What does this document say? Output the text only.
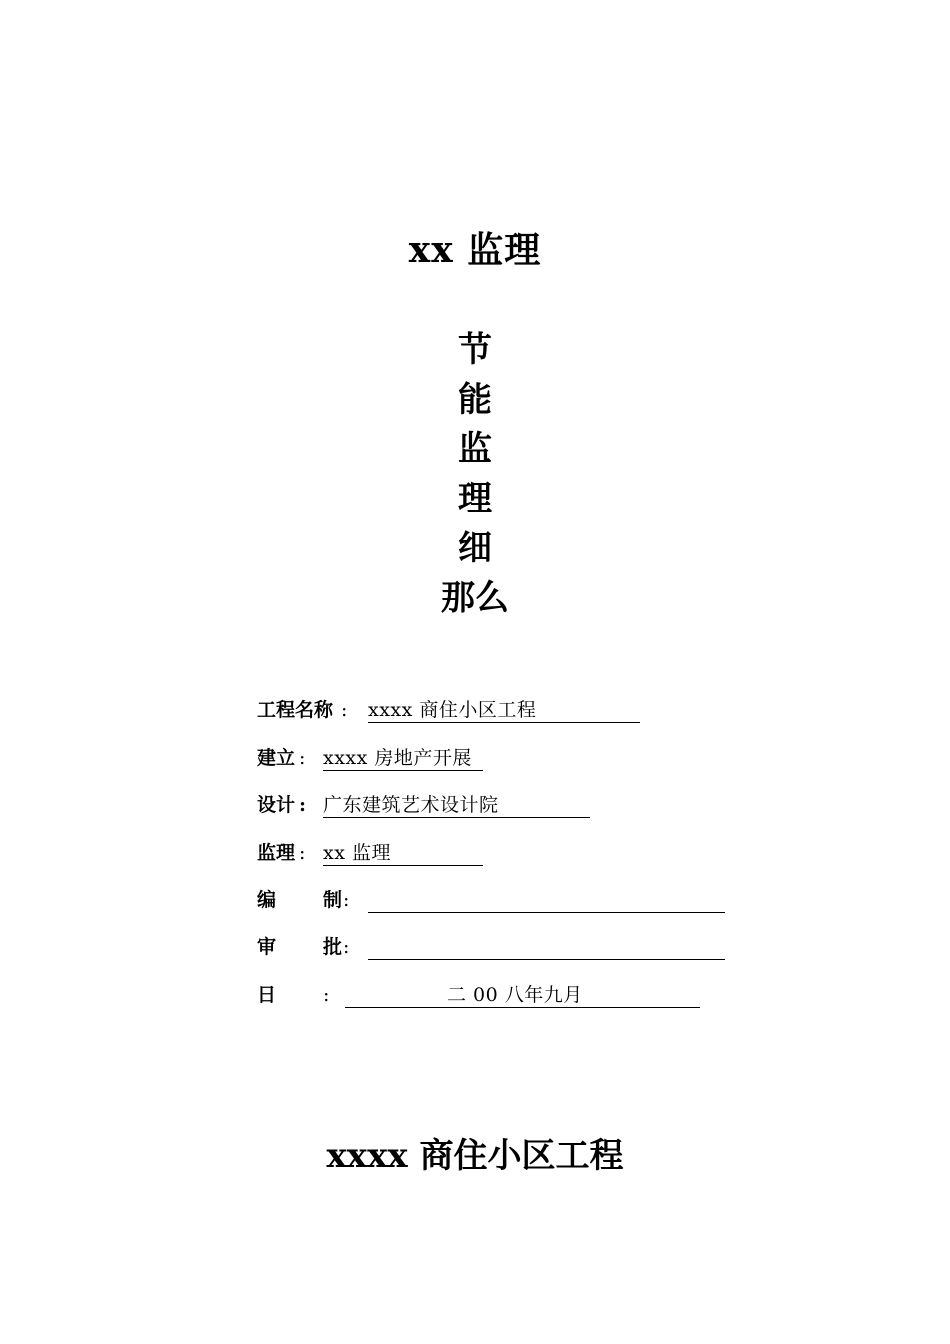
xx 监理
节
能
监
理
细
那么
工程名称 : xxxx 商住小区工程
建立 : xxxx 房地产开展
设计 : 广东建筑艺术设计院
监理 : xx 监理
编 制 :
审 批 :
日 :	二 00 八年九月
xxxx 商住小区工程
